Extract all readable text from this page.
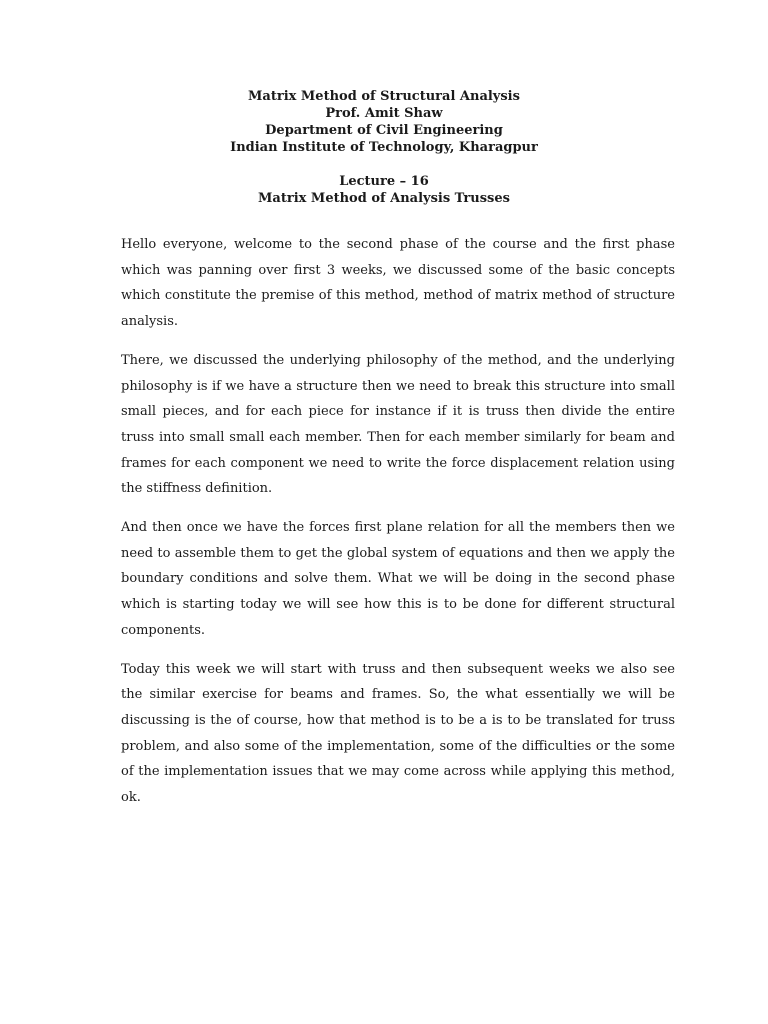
Matrix Method of Structural Analysis
Prof. Amit Shaw
Department of Civil Engineering
Indian Institute of Technology, Kharagpur
Lecture – 16
Matrix Method of Analysis Trusses

Hello everyone, welcome to the second phase of the course and the first phase which was panning over first 3 weeks, we discussed some of the basic concepts which constitute the premise of this method, method of matrix method of structure analysis.

There, we discussed the underlying philosophy of the method, and the underlying philosophy is if we have a structure then we need to break this structure into small small pieces, and for each piece for instance if it is truss then divide the entire truss into small small each member. Then for each member similarly for beam and frames for each component we need to write the force displacement relation using the stiffness definition.

And then once we have the forces first plane relation for all the members then we need to assemble them to get the global system of equations and then we apply the boundary conditions and solve them. What we will be doing in the second phase which is starting today we will see how this is to be done for different structural components.

Today this week we will start with truss and then subsequent weeks we also see the similar exercise for beams and frames. So, the what essentially we will be discussing is the of course, how that method is to be a is to be translated for truss problem, and also some of the implementation, some of the difficulties or the some of the implementation issues that we may come across while applying this method, ok.
